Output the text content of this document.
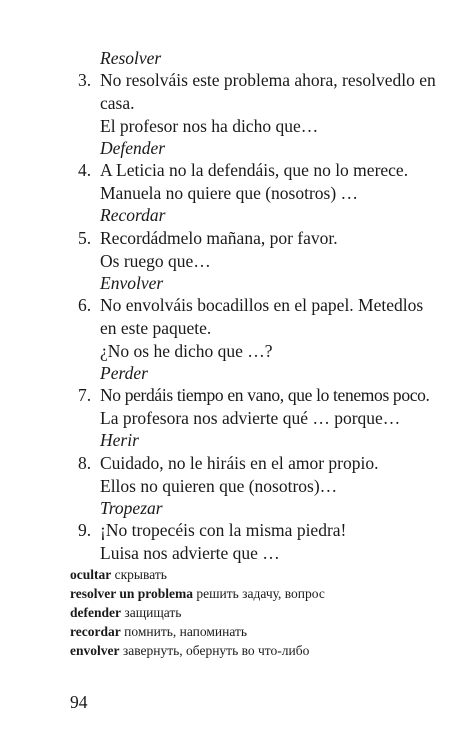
Resolver
3. No resolváis este problema ahora, resolvedlo en
casa.
El profesor nos ha dicho que…
Defender
4. A Leticia no la defendáis, que no lo merece.
Manuela no quiere que (nosotros) …
Recordar
5. Recordádmelo mañana, por favor.
Os ruego que…
Envolver
6. No envolváis bocadillos en el papel. Metedlos
en este paquete.
¿No os he dicho que …?
Perder
7. No perdáis tiempo en vano, que lo tenemos poco.
La profesora nos advierte qué … porque…
Herir
8. Cuidado, no le hiráis en el amor propio.
Ellos no quieren que (nosotros)…
Tropezar
9. ¡No tropecéis con la misma piedra!
Luisa nos advierte que …
ocultar скрывать
resolver un problema решить задачу, вопрос
defender защищать
recordar помнить, напоминать
envolver завернуть, обернуть во что-либо
94
